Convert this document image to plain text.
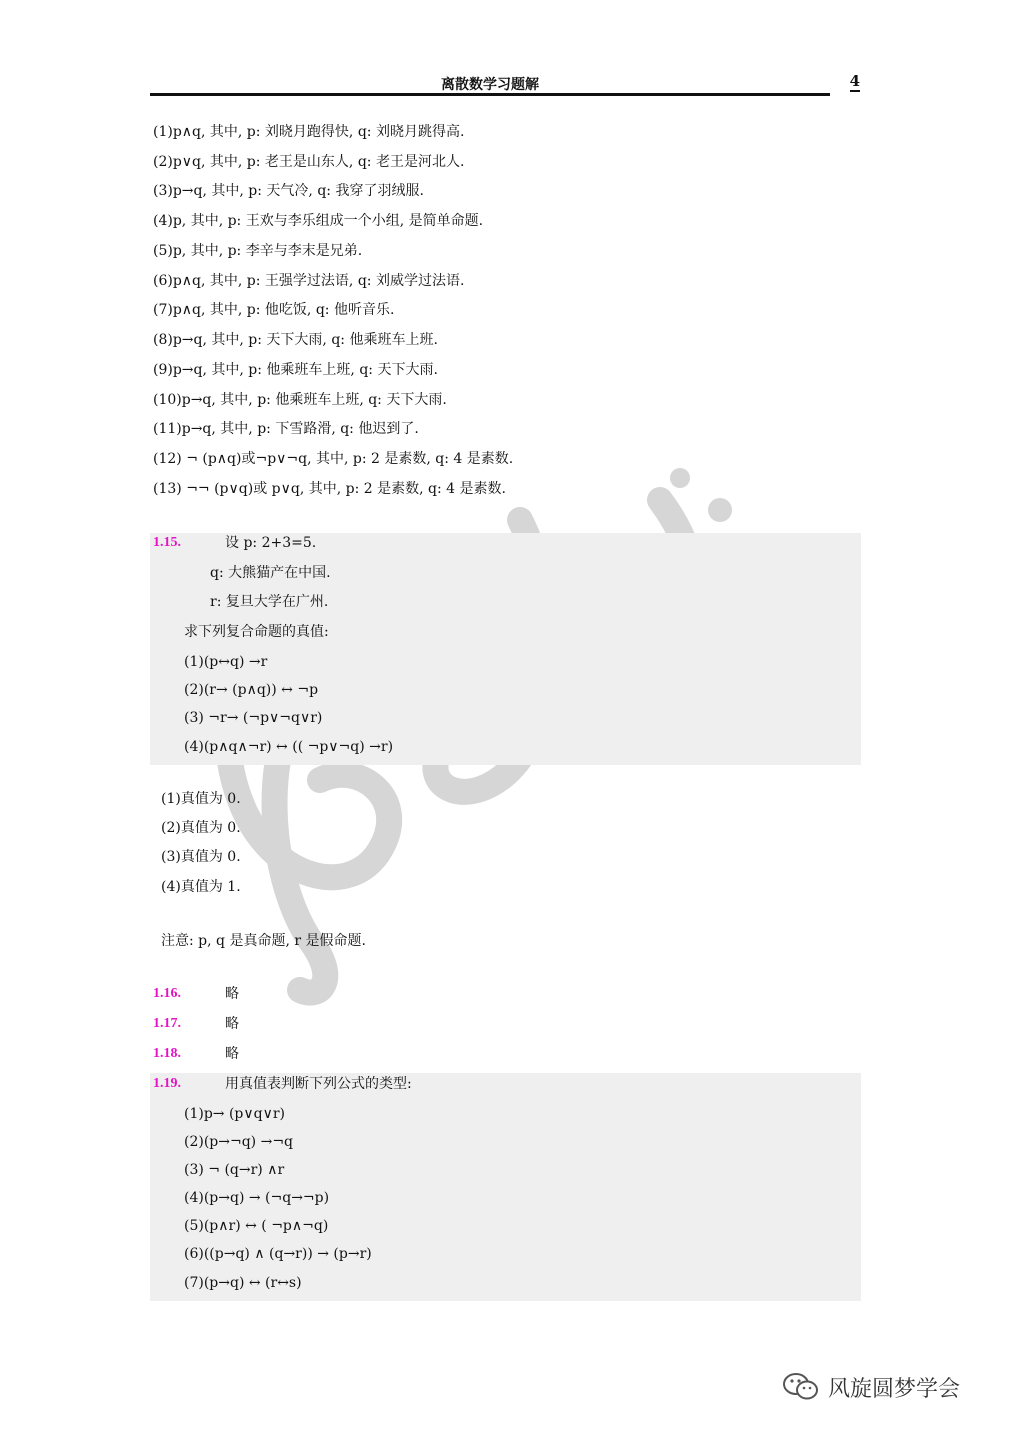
离散数学习题解	4
(1)p∧q, 其中, p: 刘晓月跑得快, q: 刘晓月跳得高.
(2)p∨q, 其中, p: 老王是山东人, q: 老王是河北人.
(3)p→q, 其中, p: 天气冷, q: 我穿了羽绒服.
(4)p, 其中, p: 王欢与李乐组成一个小组, 是简单命题.
(5)p, 其中, p: 李辛与李末是兄弟.
(6)p∧q, 其中, p: 王强学过法语, q: 刘威学过法语.
(7)p∧q, 其中, p: 他吃饭, q: 他听音乐.
(8)p→q, 其中, p: 天下大雨, q: 他乘班车上班.
(9)p→q, 其中, p: 他乘班车上班, q: 天下大雨.
(10)p→q, 其中, p: 他乘班车上班, q: 天下大雨.
(11)p→q, 其中, p: 下雪路滑, q: 他迟到了.
(12) ¬ (p∧q)或¬p∨¬q, 其中, p: 2 是素数, q: 4 是素数.
(13) ¬¬ (p∨q)或 p∨q, 其中, p: 2 是素数, q: 4 是素数.
1.15.	设 p: 2+3=5.
q: 大熊猫产在中国.
r: 复旦大学在广州.
求下列复合命题的真值:
(1)(p↔q) →r
(2)(r→ (p∧q)) ↔ ¬p
(3) ¬r→ (¬p∨¬q∨r)
(4)(p∧q∧¬r) ↔ (( ¬p∨¬q) →r)
(1)真值为 0.
(2)真值为 0.
(3)真值为 0.
(4)真值为 1.
注意: p, q 是真命题, r 是假命题.
1.16.	略
1.17.	略
1.18.	略
1.19.	用真值表判断下列公式的类型:
(1)p→ (p∨q∨r)
(2)(p→¬q) →¬q
(3) ¬ (q→r) ∧r
(4)(p→q) → (¬q→¬p)
(5)(p∧r) ↔ ( ¬p∧¬q)
(6)((p→q) ∧ (q→r)) → (p→r)
(7)(p→q) ↔ (r↔s)
风旋圆梦学会
